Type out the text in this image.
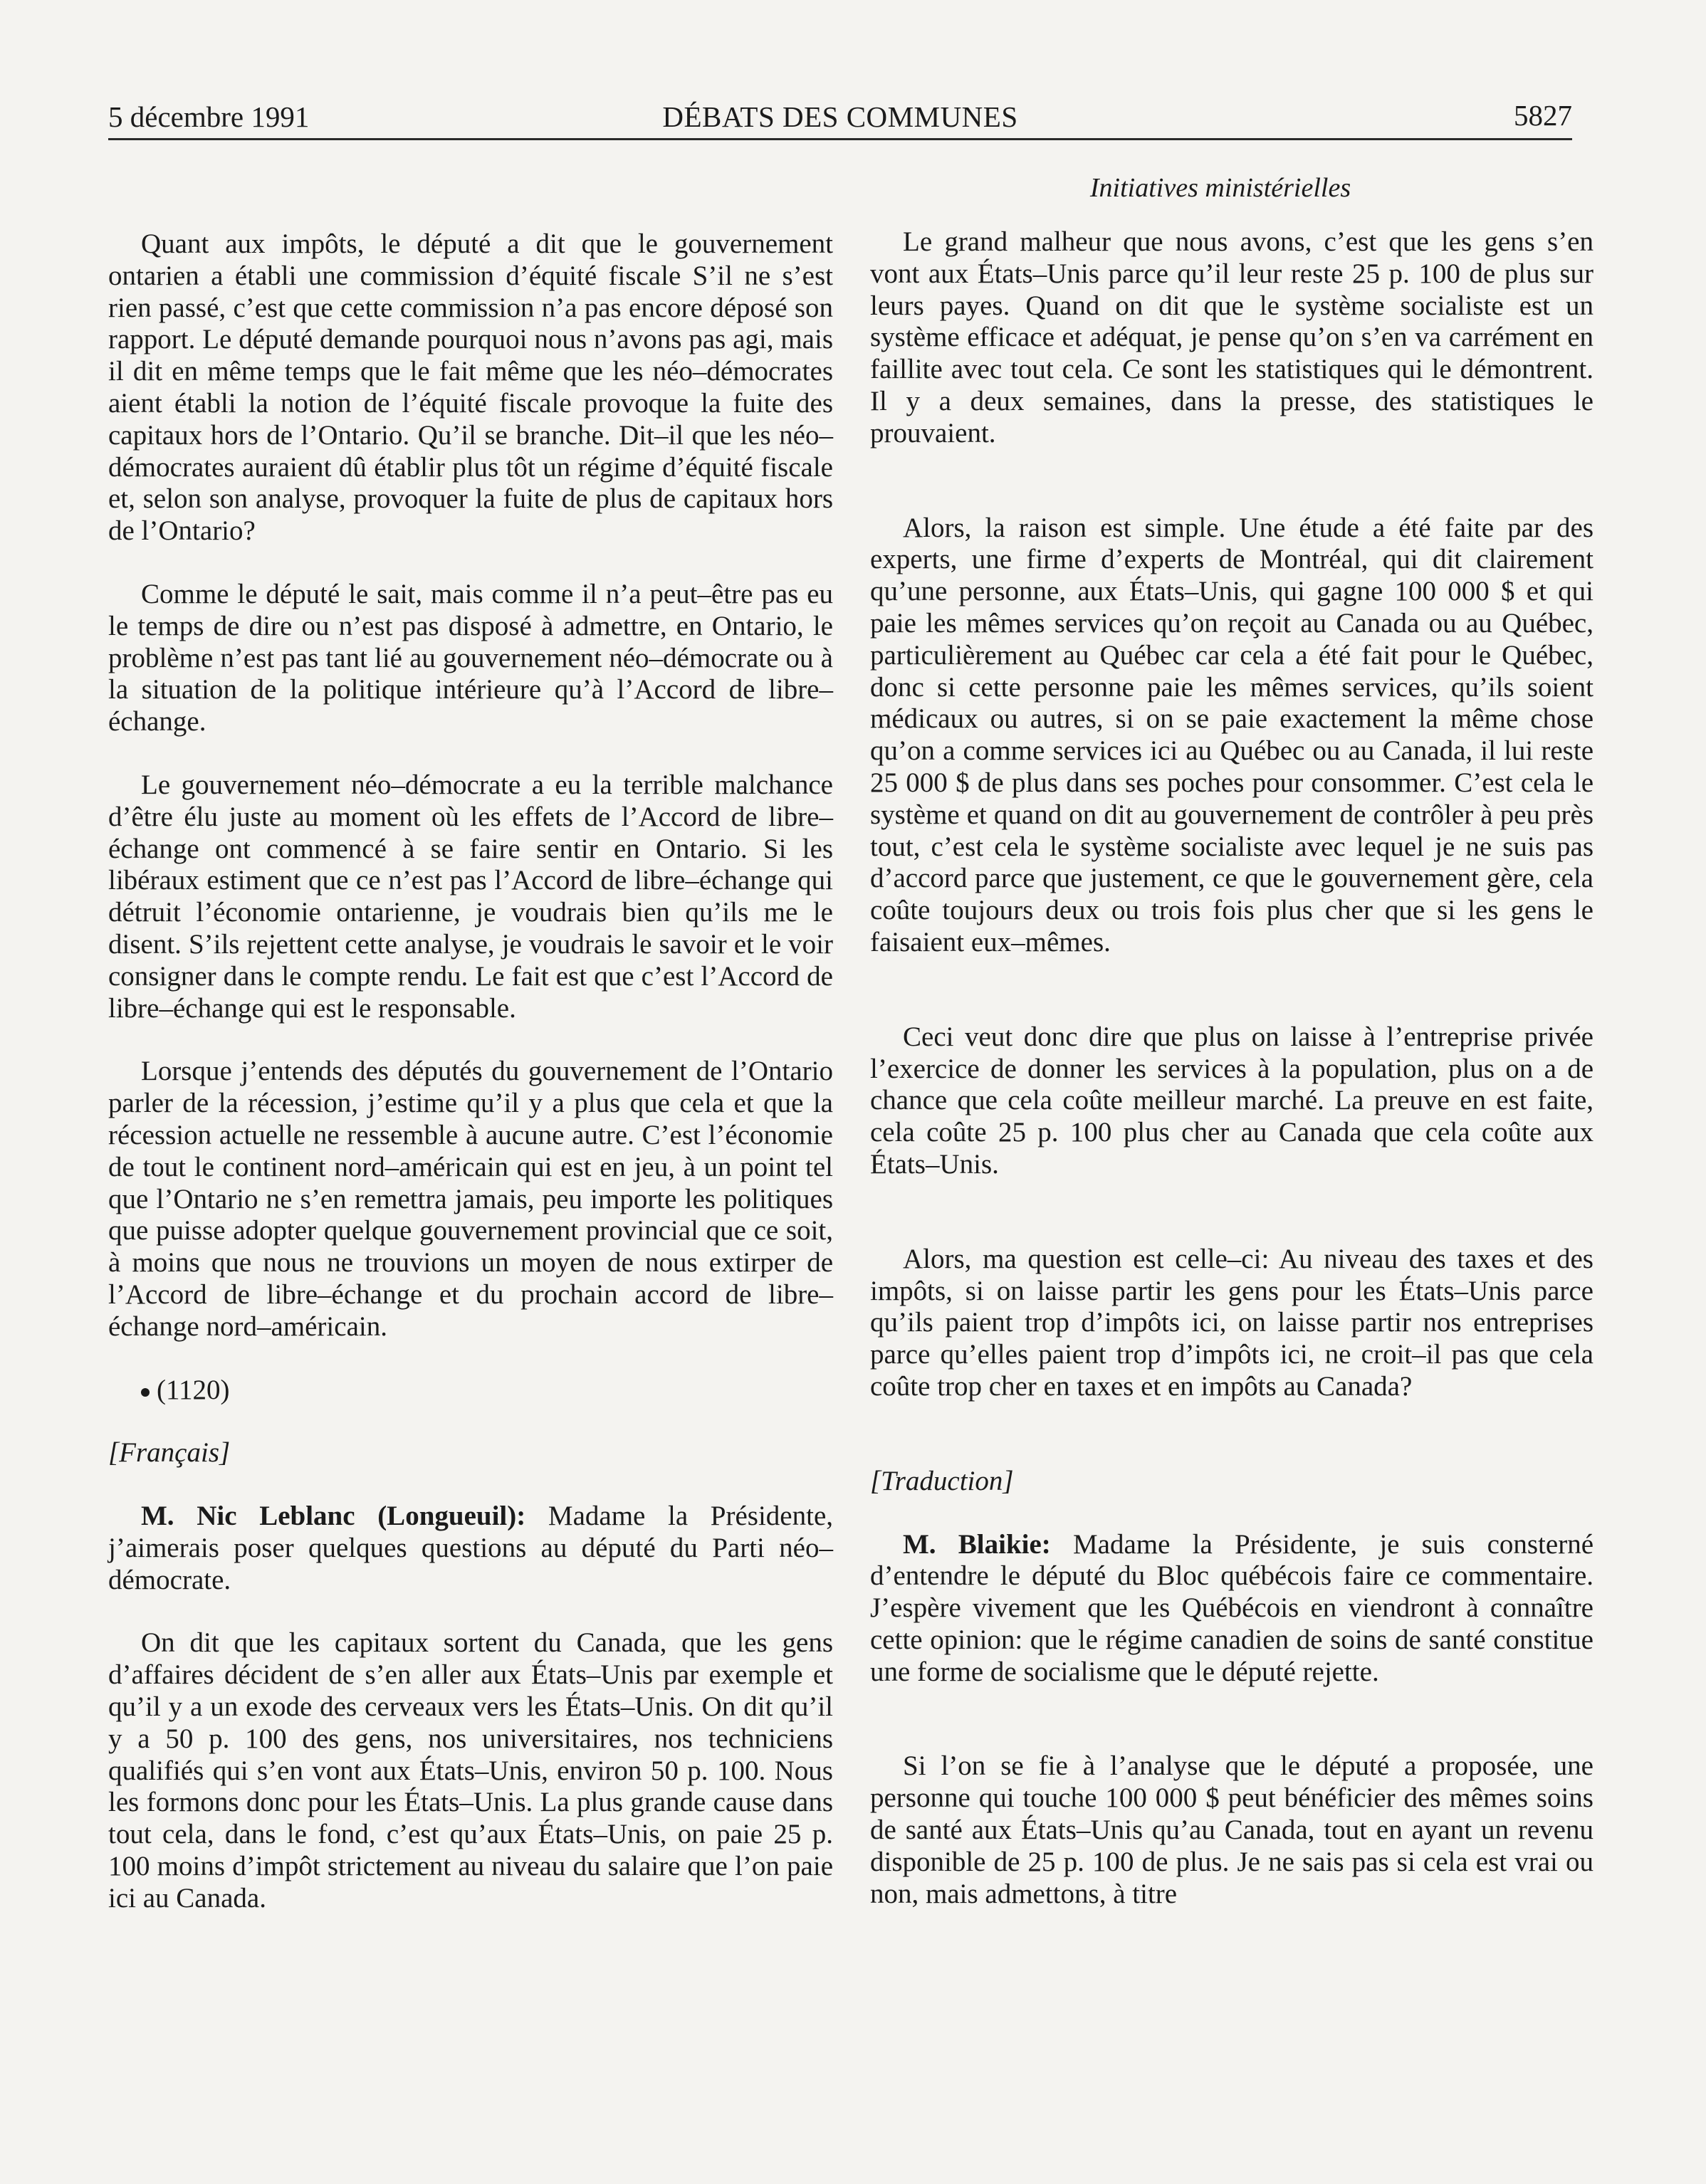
5 décembre 1991	DÉBATS DES COMMUNES	5827
Initiatives ministérielles

Quant aux impôts, le député a dit que le gouvernement ontarien a établi une commission d’équité fiscale S’il ne s’est rien passé, c’est que cette commission n’a pas encore déposé son rapport. Le député demande pourquoi nous n’avons pas agi, mais il dit en même temps que le fait même que les néo–démocrates aient établi la notion de l’équité fiscale provoque la fuite des capitaux hors de l’Ontario. Qu’il se branche. Dit–il que les néo–démocrates auraient dû établir plus tôt un régime d’équité fiscale et, selon son analyse, provoquer la fuite de plus de capitaux hors de l’Ontario?

Comme le député le sait, mais comme il n’a peut–être pas eu le temps de dire ou n’est pas disposé à admettre, en Ontario, le problème n’est pas tant lié au gouvernement néo–démocrate ou à la situation de la politique intérieure qu’à l’Accord de libre–échange.

Le gouvernement néo–démocrate a eu la terrible malchance d’être élu juste au moment où les effets de l’Accord de libre–échange ont commencé à se faire sentir en Ontario. Si les libéraux estiment que ce n’est pas l’Accord de libre–échange qui détruit l’économie ontarienne, je voudrais bien qu’ils me le disent. S’ils rejettent cette analyse, je voudrais le savoir et le voir consigner dans le compte rendu. Le fait est que c’est l’Accord de libre–échange qui est le responsable.

Lorsque j’entends des députés du gouvernement de l’Ontario parler de la récession, j’estime qu’il y a plus que cela et que la récession actuelle ne ressemble à aucune autre. C’est l’économie de tout le continent nord–américain qui est en jeu, à un point tel que l’Ontario ne s’en remettra jamais, peu importe les politiques que puisse adopter quelque gouvernement provincial que ce soit, à moins que nous ne trouvions un moyen de nous extirper de l’Accord de libre–échange et du prochain accord de libre–échange nord–américain.

(1120)

[Français]

M. Nic Leblanc (Longueuil): Madame la Présidente, j’aimerais poser quelques questions au député du Parti néo–démocrate.

On dit que les capitaux sortent du Canada, que les gens d’affaires décident de s’en aller aux États–Unis par exemple et qu’il y a un exode des cerveaux vers les États–Unis. On dit qu’il y a 50 p. 100 des gens, nos universitaires, nos techniciens qualifiés qui s’en vont aux États–Unis, environ 50 p. 100. Nous les formons donc pour les États–Unis. La plus grande cause dans tout cela, dans le fond, c’est qu’aux États–Unis, on paie 25 p. 100 moins d’impôt strictement au niveau du salaire que l’on paie ici au Canada.

Le grand malheur que nous avons, c’est que les gens s’en vont aux États–Unis parce qu’il leur reste 25 p. 100 de plus sur leurs payes. Quand on dit que le système socialiste est un système efficace et adéquat, je pense qu’on s’en va carrément en faillite avec tout cela. Ce sont les statistiques qui le démontrent. Il y a deux semaines, dans la presse, des statistiques le prouvaient.

Alors, la raison est simple. Une étude a été faite par des experts, une firme d’experts de Montréal, qui dit clairement qu’une personne, aux États–Unis, qui gagne 100 000 $ et qui paie les mêmes services qu’on reçoit au Canada ou au Québec, particulièrement au Québec car cela a été fait pour le Québec, donc si cette personne paie les mêmes services, qu’ils soient médicaux ou autres, si on se paie exactement la même chose qu’on a comme services ici au Québec ou au Canada, il lui reste 25 000 $ de plus dans ses poches pour consommer. C’est cela le système et quand on dit au gouvernement de contrôler à peu près tout, c’est cela le système socialiste avec lequel je ne suis pas d’accord parce que justement, ce que le gouvernement gère, cela coûte toujours deux ou trois fois plus cher que si les gens le faisaient eux–mêmes.

Ceci veut donc dire que plus on laisse à l’entreprise privée l’exercice de donner les services à la population, plus on a de chance que cela coûte meilleur marché. La preuve en est faite, cela coûte 25 p. 100 plus cher au Canada que cela coûte aux États–Unis.

Alors, ma question est celle–ci: Au niveau des taxes et des impôts, si on laisse partir les gens pour les États–Unis parce qu’ils paient trop d’impôts ici, on laisse partir nos entreprises parce qu’elles paient trop d’impôts ici, ne croit–il pas que cela coûte trop cher en taxes et en impôts au Canada?

[Traduction]

M. Blaikie: Madame la Présidente, je suis consterné d’entendre le député du Bloc québécois faire ce commentaire. J’espère vivement que les Québécois en viendront à connaître cette opinion: que le régime canadien de soins de santé constitue une forme de socialisme que le député rejette.

Si l’on se fie à l’analyse que le député a proposée, une personne qui touche 100 000 $ peut bénéficier des mêmes soins de santé aux États–Unis qu’au Canada, tout en ayant un revenu disponible de 25 p. 100 de plus. Je ne sais pas si cela est vrai ou non, mais admettons, à titre
